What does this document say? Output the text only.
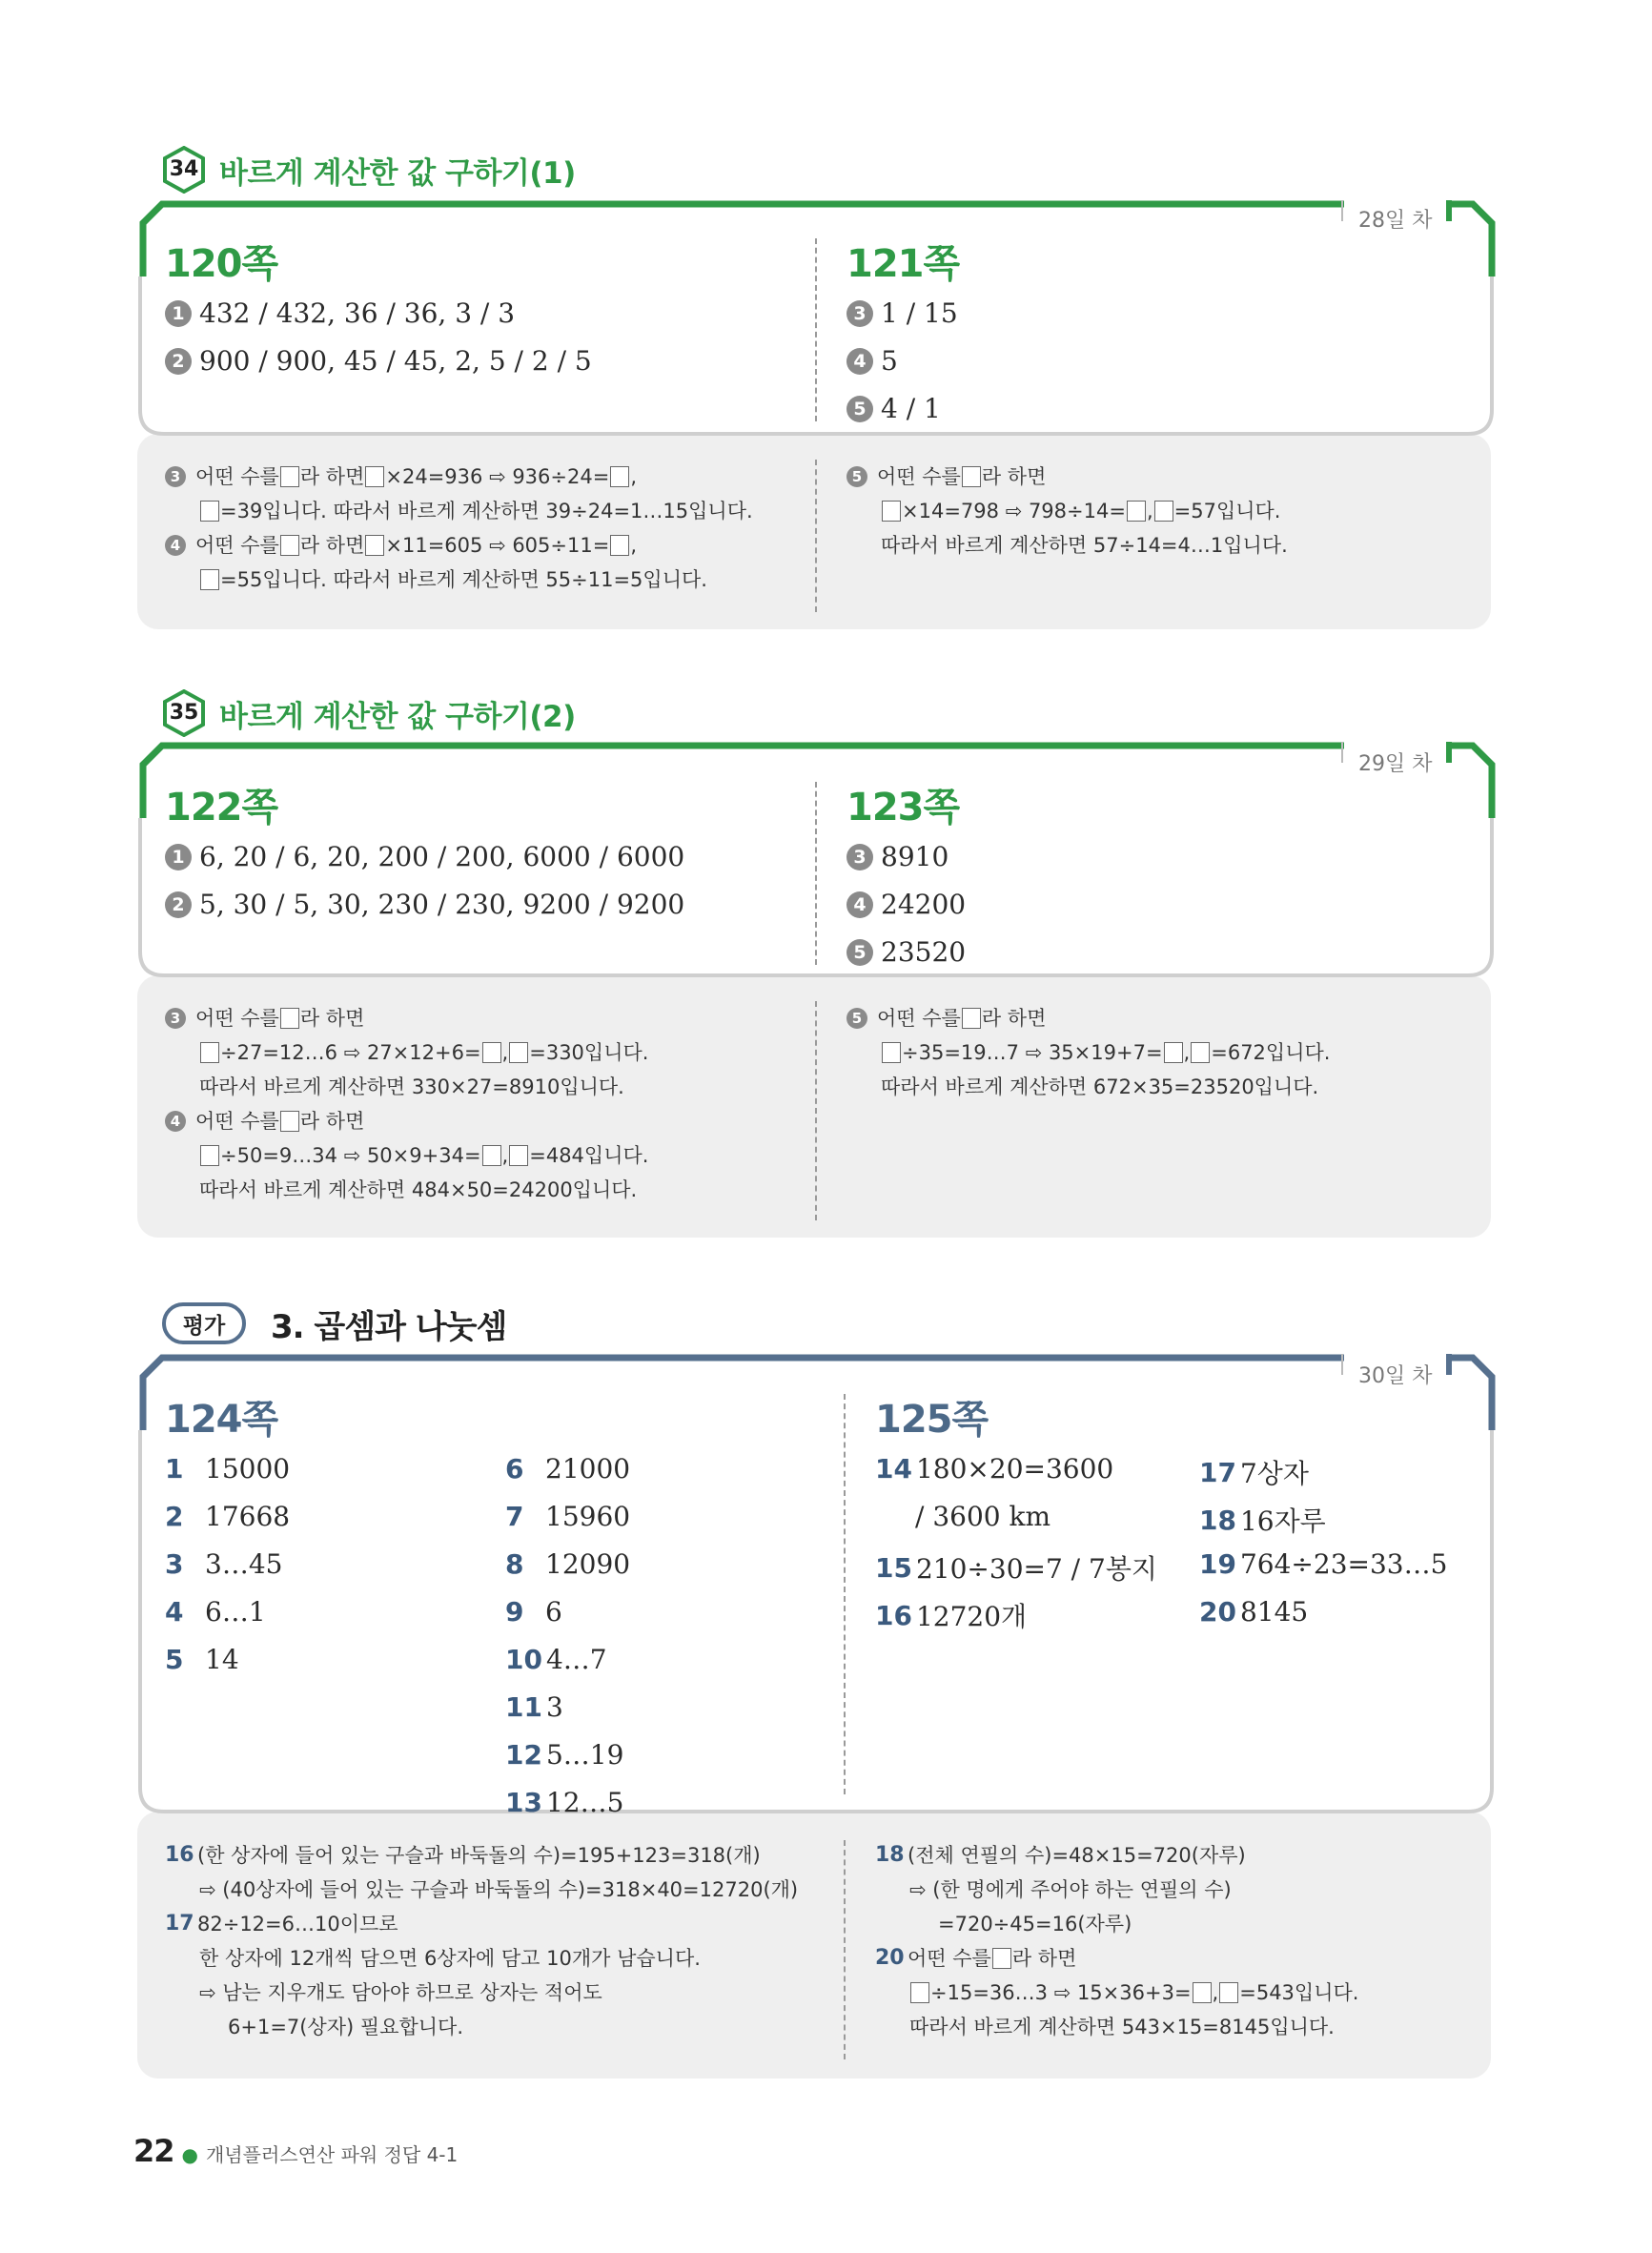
34 바르게 계산한 값 구하기(1)
28일 차
120쪽	121쪽
1 432 / 432, 36 / 36, 3 / 3
2 900 / 900, 45 / 45, 2, 5 / 2 / 5
3 1 / 15
4 5
5 4 / 1
3 어떤 수를 라 하면 ×24=936 ⇨ 936÷24= ,
=39입니다. 따라서 바르게 계산하면 39÷24=1…15입니다.
4 어떤 수를 라 하면 ×11=605 ⇨ 605÷11= ,
=55입니다. 따라서 바르게 계산하면 55÷11=5입니다.
5 어떤 수를 라 하면
×14=798 ⇨ 798÷14= , =57입니다.
따라서 바르게 계산하면 57÷14=4…1입니다.
35 바르게 계산한 값 구하기(2)
29일 차
122쪽	123쪽
1 6, 20 / 6, 20, 200 / 200, 6000 / 6000
2 5, 30 / 5, 30, 230 / 230, 9200 / 9200
3 8910
4 24200
5 23520
3 어떤 수를 라 하면
÷27=12…6 ⇨ 27×12+6= , =330입니다.
따라서 바르게 계산하면 330×27=8910입니다.
4 어떤 수를 라 하면
÷50=9…34 ⇨ 50×9+34= , =484입니다.
따라서 바르게 계산하면 484×50=24200입니다.
5 어떤 수를 라 하면
÷35=19…7 ⇨ 35×19+7= , =672입니다.
따라서 바르게 계산하면 672×35=23520입니다.
평가	3. 곱셈과 나눗셈
30일 차
124쪽	125쪽
1 15000
2 17668
3 3…45
4 6…1
5 14
6 21000
7 15960
8 12090
9 6
10 4…7
11 3
12 5…19
13 12…5
14 180×20=3600
/ 3600 km
15 210÷30=7 / 7봉지
16 12720개
17 7상자
18 16자루
19 764÷23=33…5
20 8145
16 (한 상자에 들어 있는 구슬과 바둑돌의 수)=195+123=318(개)
⇨ (40상자에 들어 있는 구슬과 바둑돌의 수)=318×40=12720(개)
17 82÷12=6…10이므로
한 상자에 12개씩 담으면 6상자에 담고 10개가 남습니다.
⇨ 남는 지우개도 담아야 하므로 상자는 적어도
6+1=7(상자) 필요합니다.
18 (전체 연필의 수)=48×15=720(자루)
⇨ (한 명에게 주어야 하는 연필의 수)
=720÷45=16(자루)
20 어떤 수를 라 하면
÷15=36…3 ⇨ 15×36+3= , =543입니다.
따라서 바르게 계산하면 543×15=8145입니다.
22 ● 개념플러스연산 파워 정답 4-1
